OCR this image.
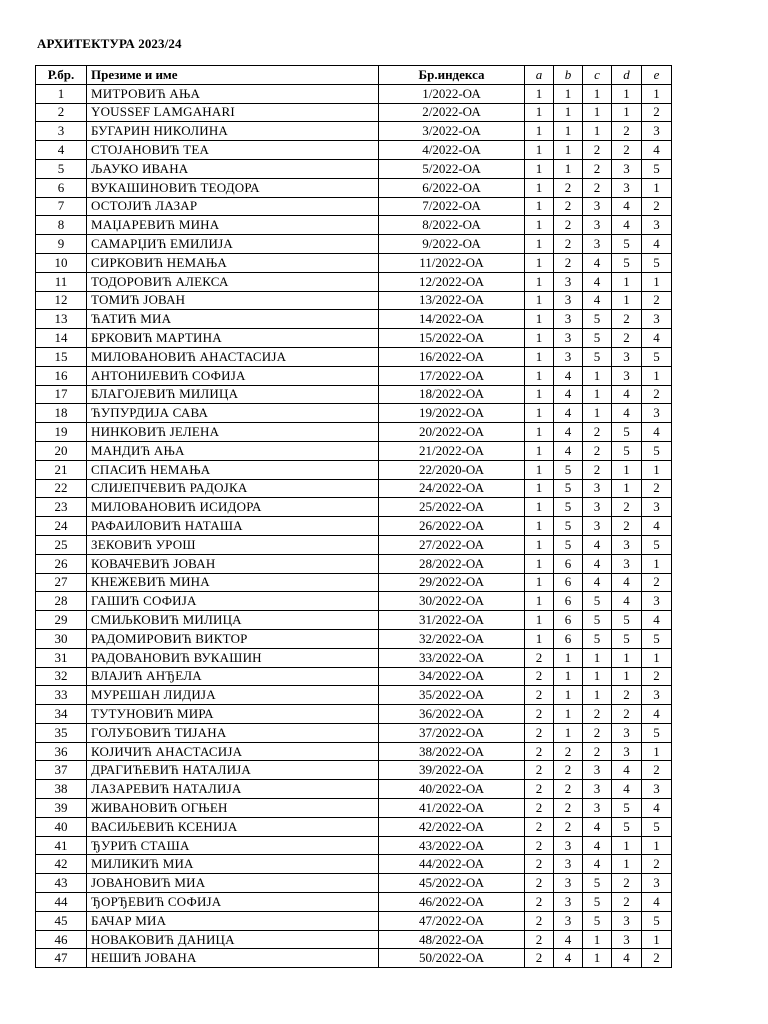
АРХИТЕКТУРА 2023/24
Р.бр.	Презиме и име	Бр.индекса	a	b	c	d	e
1	МИТРОВИЋ АЊА	1/2022-ОА	1	1	1	1	1
2	YOUSSEF LAMGAHARI	2/2022-ОА	1	1	1	1	2
3	БУГАРИН НИКОЛИНА	3/2022-ОА	1	1	1	2	3
4	СТОЈАНОВИЋ ТЕА	4/2022-ОА	1	1	2	2	4
5	ЉАУКО ИВАНА	5/2022-ОА	1	1	2	3	5
6	ВУКАШИНОВИЋ ТЕОДОРА	6/2022-ОА	1	2	2	3	1
7	ОСТОЈИЋ ЛАЗАР	7/2022-ОА	1	2	3	4	2
8	МАЏАРЕВИЋ МИНА	8/2022-ОА	1	2	3	4	3
9	САМАРЏИЋ ЕМИЛИЈА	9/2022-ОА	1	2	3	5	4
10	СИРКОВИЋ НЕМАЊА	11/2022-ОА	1	2	4	5	5
11	ТОДОРОВИЋ АЛЕКСА	12/2022-ОА	1	3	4	1	1
12	ТОМИЋ ЈОВАН	13/2022-ОА	1	3	4	1	2
13	ЋАТИЋ МИА	14/2022-ОА	1	3	5	2	3
14	БРКОВИЋ МАРТИНА	15/2022-ОА	1	3	5	2	4
15	МИЛОВАНОВИЋ АНАСТАСИЈА	16/2022-ОА	1	3	5	3	5
16	АНТОНИЈЕВИЋ СОФИЈА	17/2022-ОА	1	4	1	3	1
17	БЛАГОЈЕВИЋ МИЛИЦА	18/2022-ОА	1	4	1	4	2
18	ЋУПУРДИЈА САВА	19/2022-ОА	1	4	1	4	3
19	НИНКОВИЋ ЈЕЛЕНА	20/2022-ОА	1	4	2	5	4
20	МАНДИЋ АЊА	21/2022-ОА	1	4	2	5	5
21	СПАСИЋ НЕМАЊА	22/2020-ОА	1	5	2	1	1
22	СЛИЈЕПЧЕВИЋ РАДОЈКА	24/2022-ОА	1	5	3	1	2
23	МИЛОВАНОВИЋ ИСИДОРА	25/2022-ОА	1	5	3	2	3
24	РАФАИЛОВИЋ НАТАША	26/2022-ОА	1	5	3	2	4
25	ЗЕКОВИЋ УРОШ	27/2022-ОА	1	5	4	3	5
26	КОВАЧЕВИЋ ЈОВАН	28/2022-ОА	1	6	4	3	1
27	КНЕЖЕВИЋ МИНА	29/2022-ОА	1	6	4	4	2
28	ГАШИЋ СОФИЈА	30/2022-ОА	1	6	5	4	3
29	СМИЉКОВИЋ МИЛИЦА	31/2022-ОА	1	6	5	5	4
30	РАДОМИРОВИЋ ВИКТОР	32/2022-ОА	1	6	5	5	5
31	РАДОВАНОВИЋ ВУКАШИН	33/2022-ОА	2	1	1	1	1
32	ВЛАЈИЋ АНЂЕЛА	34/2022-ОА	2	1	1	1	2
33	МУРЕШАН ЛИДИЈА	35/2022-ОА	2	1	1	2	3
34	ТУТУНОВИЋ МИРА	36/2022-ОА	2	1	2	2	4
35	ГОЛУБОВИЋ ТИЈАНА	37/2022-ОА	2	1	2	3	5
36	КОЈИЧИЋ АНАСТАСИЈА	38/2022-ОА	2	2	2	3	1
37	ДРАГИЋЕВИЋ НАТАЛИЈА	39/2022-ОА	2	2	3	4	2
38	ЛАЗАРЕВИЋ НАТАЛИЈА	40/2022-ОА	2	2	3	4	3
39	ЖИВАНОВИЋ ОГЊЕН	41/2022-ОА	2	2	3	5	4
40	ВАСИЉЕВИЋ КСЕНИЈА	42/2022-ОА	2	2	4	5	5
41	ЂУРИЋ СТАША	43/2022-ОА	2	3	4	1	1
42	МИЛИКИЋ МИА	44/2022-ОА	2	3	4	1	2
43	ЈОВАНОВИЋ МИА	45/2022-ОА	2	3	5	2	3
44	ЂОРЂЕВИЋ СОФИЈА	46/2022-ОА	2	3	5	2	4
45	БАЧАР МИА	47/2022-ОА	2	3	5	3	5
46	НОВАКОВИЋ ДАНИЦА	48/2022-ОА	2	4	1	3	1
47	НЕШИЋ ЈОВАНА	50/2022-ОА	2	4	1	4	2
